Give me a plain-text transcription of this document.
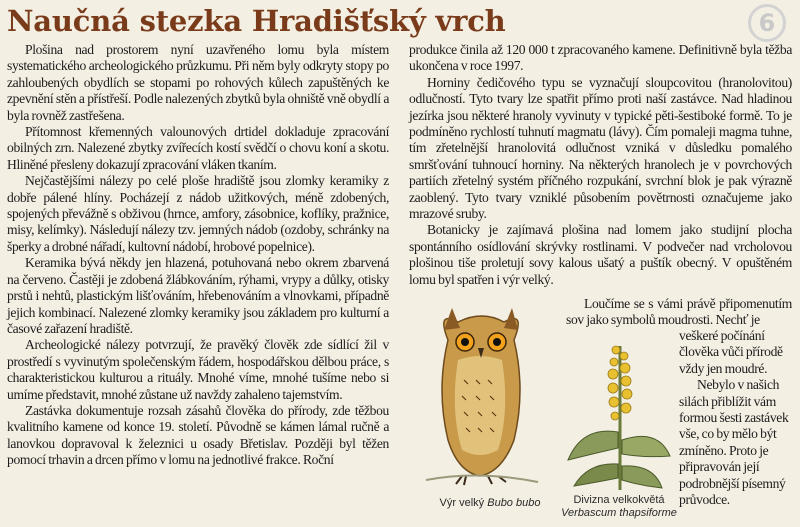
Naučná stezka Hradišťský vrch	6

Plošina nad prostorem nyní uzavřeného lomu byla místem systematického archeologického průzkumu. Při něm byly odkryty stopy po zahloubených obydlích se stopami po rohových kůlech zapuštěných ke zpevnění stěn a přístřeší. Podle nalezených zbytků byla ohniště vně obydlí a byla rovněž zastřešena.

Přítomnost křemenných valounových drtidel dokladuje zpracování obilných zrn. Nalezené zbytky zvířecích kostí svědčí o chovu koní a skotu. Hliněné přesleny dokazují zpracování vláken tkaním.

Nejčastějšími nálezy po celé ploše hradiště jsou zlomky keramiky z dobře pálené hlíny. Pocházejí z nádob užitkových, méně zdobených, spojených převážně s obživou (hrnce, amfory, zásobnice, koflíky, pražnice, misy, kelímky). Následují nálezy tzv. jemných nádob (ozdoby, schránky na šperky a drobné nářadí, kultovní nádobí, hrobové popelnice).

Keramika bývá někdy jen hlazená, potuhovaná nebo okrem zbarvená na červeno. Častěji je zdobená žlábkováním, rýhami, vrypy a důlky, otisky prstů i nehtů, plastickým lišťováním, hřebenováním a vlnovkami, případně jejich kombinací. Nalezené zlomky keramiky jsou základem pro kulturní a časové zařazení hradiště.

Archeologické nálezy potvrzují, že pravěký člověk zde sídlící žil v prostředí s vyvinutým společenským řádem, hospodářskou dělbou práce, s charakteristickou kulturou a rituály. Mnohé víme, mnohé tušíme nebo si umíme představit, mnohé zůstane už navždy zahaleno tajemstvím.

Zastávka dokumentuje rozsah zásahů člověka do přírody, zde těžbou kvalitního kamene od konce 19. století. Původně se kámen lámal ručně a lanovkou dopravoval k železnici u osady Břetislav. Později byl těžen pomocí trhavin a drcen přímo v lomu na jednotlivé frakce. Roční

produkce činila až 120 000 t zpracovaného kamene. Definitivně byla těžba ukončena v roce 1997.

Horniny čedičového typu se vyznačují sloupcovitou (hranolovitou) odlučností. Tyto tvary lze spatřit přímo proti naší zastávce. Nad hladinou jezírka jsou některé hranoly vyvinuty v typické pěti-šestiboké formě. To je podmíněno rychlostí tuhnutí magmatu (lávy). Čím pomaleji magma tuhne, tím zřetelnější hranolovitá odlučnost vzniká v důsledku pomalého smršťování tuhnoucí horniny. Na některých hranolech je v povrchových partiích zřetelný systém příčného rozpukání, svrchní blok je pak výrazně zaoblený. Tyto tvary vzniklé působením povětrnosti označujeme jako mrazové sruby.

Botanicky je zajímavá plošina nad lomem jako studijní plocha spontánního osídlování skrývky rostlinami. V podvečer nad vrcholovou plošinou tiše proletují sovy kalous ušatý a puštík obecný. V opuštěném lomu byl spatřen i výr velký.

Loučíme se s vámi právě připomenutím sov jako symbolů moudrosti. Nechť je

veškeré počínání člověka vůči přírodě vždy jen moudré.

Nebylo v našich silách přiblížit vám formou šesti zastávek vše, co by mělo být zmíněno. Proto je připravován její podrobnější písemný průvodce.

Výr velký Bubo bubo	Divizna velkokvětá
Verbascum thapsiforme
